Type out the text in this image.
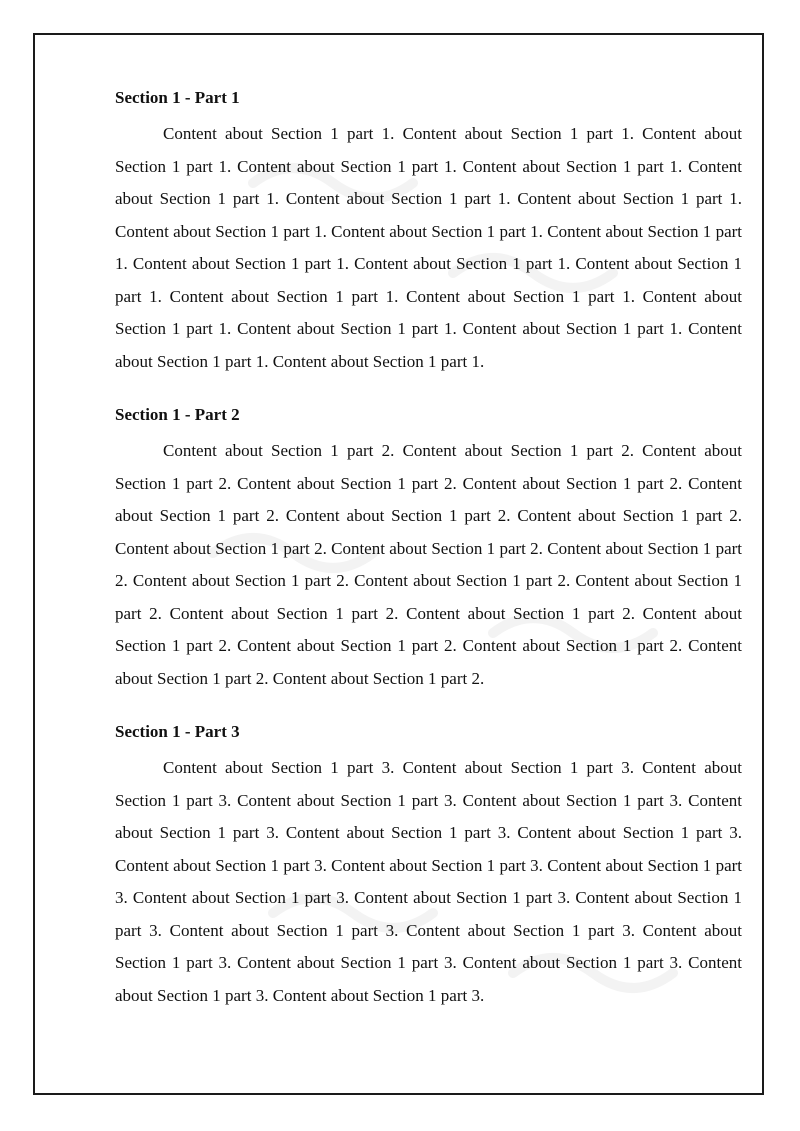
Section 1 - Part 1

Content about Section 1 part 1. Content about Section 1 part 1. Content about Section 1 part 1. Content about Section 1 part 1. Content about Section 1 part 1. Content about Section 1 part 1. Content about Section 1 part 1. Content about Section 1 part 1. Content about Section 1 part 1. Content about Section 1 part 1. Content about Section 1 part 1. Content about Section 1 part 1. Content about Section 1 part 1. Content about Section 1 part 1. Content about Section 1 part 1. Content about Section 1 part 1. Content about Section 1 part 1. Content about Section 1 part 1. Content about Section 1 part 1. Content about Section 1 part 1. Content about Section 1 part 1.

Section 1 - Part 2

Content about Section 1 part 2. Content about Section 1 part 2. Content about Section 1 part 2. Content about Section 1 part 2. Content about Section 1 part 2. Content about Section 1 part 2. Content about Section 1 part 2. Content about Section 1 part 2. Content about Section 1 part 2. Content about Section 1 part 2. Content about Section 1 part 2. Content about Section 1 part 2. Content about Section 1 part 2. Content about Section 1 part 2. Content about Section 1 part 2. Content about Section 1 part 2. Content about Section 1 part 2. Content about Section 1 part 2. Content about Section 1 part 2. Content about Section 1 part 2. Content about Section 1 part 2.

Section 1 - Part 3

Content about Section 1 part 3. Content about Section 1 part 3. Content about Section 1 part 3. Content about Section 1 part 3. Content about Section 1 part 3. Content about Section 1 part 3. Content about Section 1 part 3. Content about Section 1 part 3. Content about Section 1 part 3. Content about Section 1 part 3. Content about Section 1 part 3. Content about Section 1 part 3. Content about Section 1 part 3. Content about Section 1 part 3. Content about Section 1 part 3. Content about Section 1 part 3. Content about Section 1 part 3. Content about Section 1 part 3. Content about Section 1 part 3. Content about Section 1 part 3. Content about Section 1 part 3.
